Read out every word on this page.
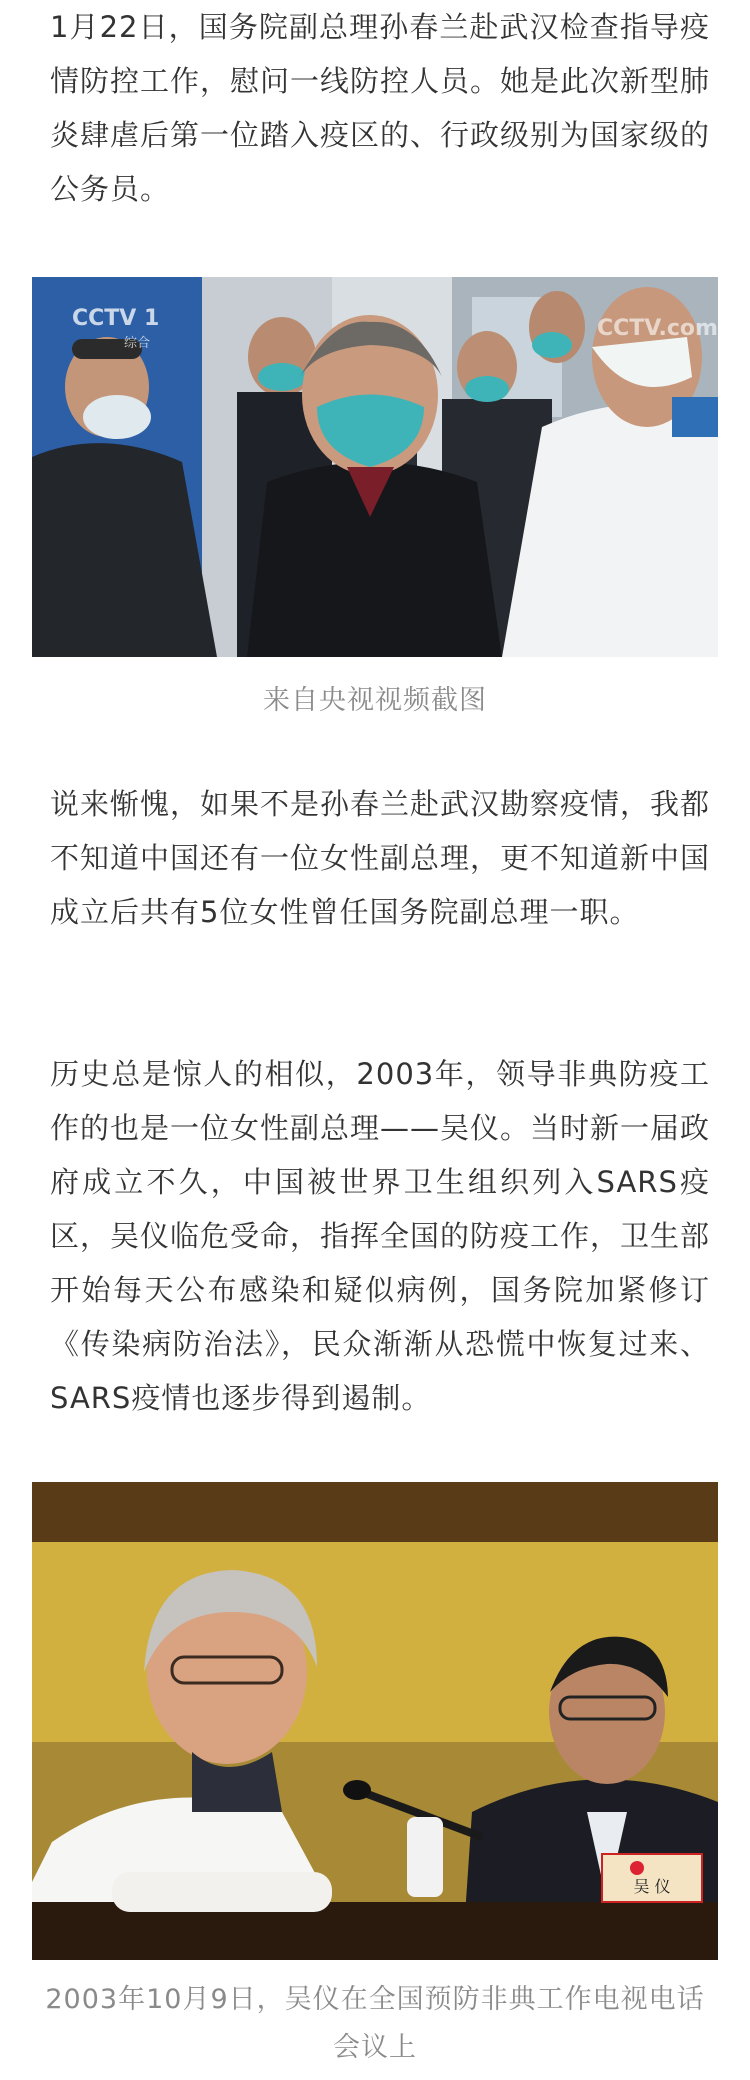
1月22日，国务院副总理孙春兰赴武汉检查指导疫情防控工作，慰问一线防控人员。她是此次新型肺炎肆虐后第一位踏入疫区的、行政级别为国家级的公务员。

CCTV 1
综合
CCTV.com

来自央视视频截图

说来惭愧，如果不是孙春兰赴武汉勘察疫情，我都不知道中国还有一位女性副总理，更不知道新中国成立后共有5位女性曾任国务院副总理一职。

历史总是惊人的相似，2003年，领导非典防疫工作的也是一位女性副总理——吴仪。当时新一届政府成立不久，中国被世界卫生组织列入SARS疫区，吴仪临危受命，指挥全国的防疫工作，卫生部开始每天公布感染和疑似病例，国务院加紧修订《传染病防治法》，民众渐渐从恐慌中恢复过来、SARS疫情也逐步得到遏制。

吴 仪

2003年10月9日，吴仪在全国预防非典工作电视电话会议上
